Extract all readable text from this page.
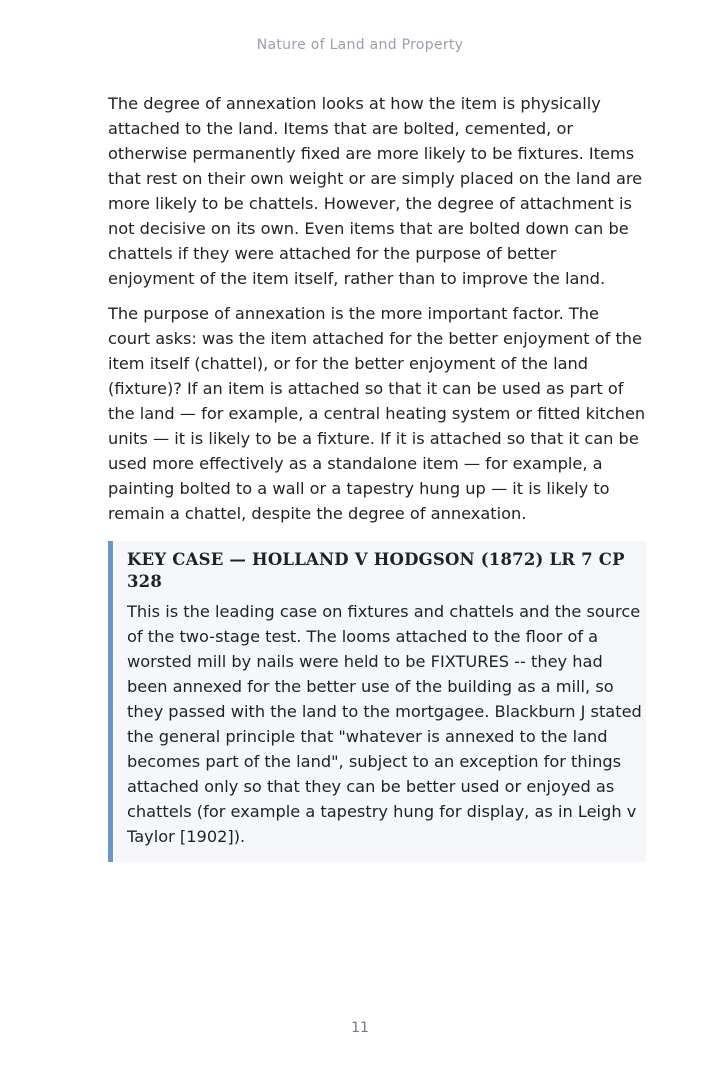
Nature of Land and Property

The degree of annexation looks at how the item is physically attached to the land. Items that are bolted, cemented, or otherwise permanently fixed are more likely to be fixtures. Items that rest on their own weight or are simply placed on the land are more likely to be chattels. However, the degree of attachment is not decisive on its own. Even items that are bolted down can be chattels if they were attached for the purpose of better enjoyment of the item itself, rather than to improve the land.

The purpose of annexation is the more important factor. The court asks: was the item attached for the better enjoyment of the item itself (chattel), or for the better enjoyment of the land (fixture)? If an item is attached so that it can be used as part of the land — for example, a central heating system or fitted kitchen units — it is likely to be a fixture. If it is attached so that it can be used more effectively as a standalone item — for example, a painting bolted to a wall or a tapestry hung up — it is likely to remain a chattel, despite the degree of annexation.

KEY CASE — HOLLAND V HODGSON (1872) LR 7 CP 328

This is the leading case on fixtures and chattels and the source of the two-stage test. The looms attached to the floor of a worsted mill by nails were held to be FIXTURES -- they had been annexed for the better use of the building as a mill, so they passed with the land to the mortgagee. Blackburn J stated the general principle that "whatever is annexed to the land becomes part of the land", subject to an exception for things attached only so that they can be better used or enjoyed as chattels (for example a tapestry hung for display, as in Leigh v Taylor [1902]).

11
